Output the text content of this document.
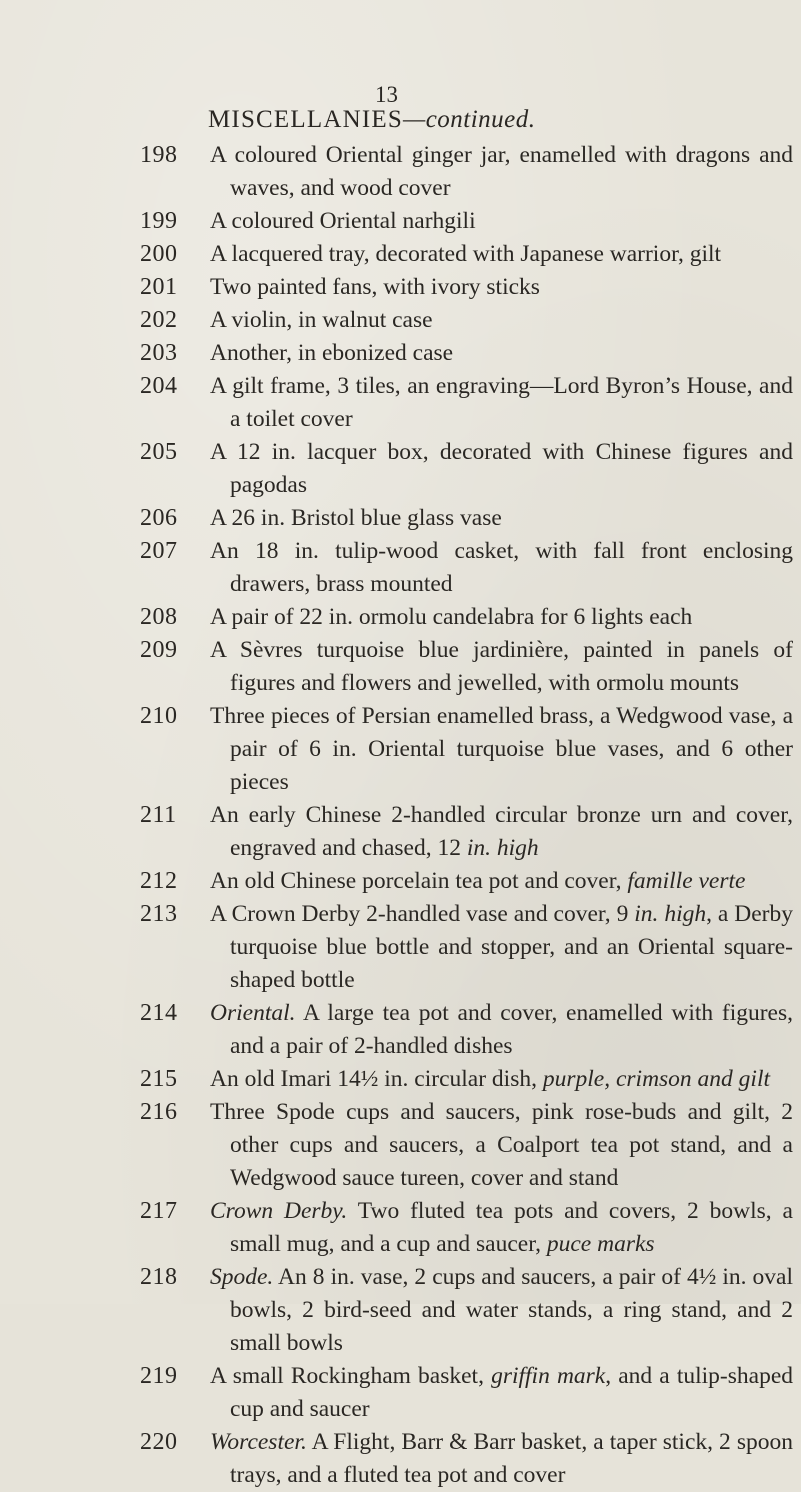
13
MISCELLANIES—continued.
198	A coloured Oriental ginger jar, enamelled with dragons and waves, and wood cover
199	A coloured Oriental narhgili
200	A lacquered tray, decorated with Japanese warrior, gilt
201	Two painted fans, with ivory sticks
202	A violin, in walnut case
203	Another, in ebonized case
204	A gilt frame, 3 tiles, an engraving—Lord Byron’s House, and a toilet cover
205	A 12 in. lacquer box, decorated with Chinese figures and pagodas
206	A 26 in. Bristol blue glass vase
207	An 18 in. tulip-wood casket, with fall front enclosing drawers, brass mounted
208	A pair of 22 in. ormolu candelabra for 6 lights each
209	A Sèvres turquoise blue jardinière, painted in panels of figures and flowers and jewelled, with ormolu mounts
210	Three pieces of Persian enamelled brass, a Wedgwood vase, a pair of 6 in. Oriental turquoise blue vases, and 6 other pieces
211	An early Chinese 2-handled circular bronze urn and cover, engraved and chased, 12 in. high
212	An old Chinese porcelain tea pot and cover, famille verte
213	A Crown Derby 2-handled vase and cover, 9 in. high, a Derby turquoise blue bottle and stopper, and an Oriental square-shaped bottle
214	Oriental. A large tea pot and cover, enamelled with figures, and a pair of 2-handled dishes
215	An old Imari 14½ in. circular dish, purple, crimson and gilt
216	Three Spode cups and saucers, pink rose-buds and gilt, 2 other cups and saucers, a Coalport tea pot stand, and a Wedgwood sauce tureen, cover and stand
217	Crown Derby. Two fluted tea pots and covers, 2 bowls, a small mug, and a cup and saucer, puce marks
218	Spode. An 8 in. vase, 2 cups and saucers, a pair of 4½ in. oval bowls, 2 bird-seed and water stands, a ring stand, and 2 small bowls
219	A small Rockingham basket, griffin mark, and a tulip-shaped cup and saucer
220	Worcester. A Flight, Barr & Barr basket, a taper stick, 2 spoon trays, and a fluted tea pot and cover
